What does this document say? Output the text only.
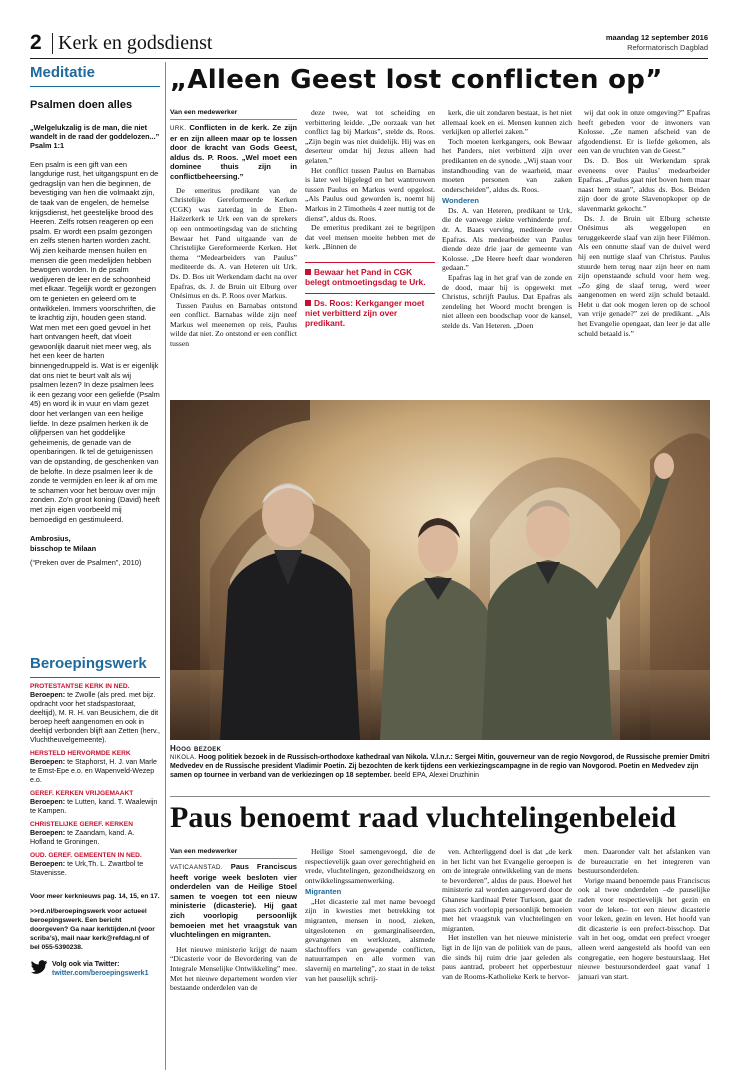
2 Kerk en godsdienst	maandag 12 september 2016
Reformatorisch Dagblad
Meditatie
Psalmen doen alles
„Welgelukzalig is de man, die niet wandelt in de raad der goddelozen...”
Psalm 1:1
Een psalm is een gift van een langdurige rust, het uitgangspunt en de gedragslijn van hen die beginnen, de bevestiging van hen die volmaakt zijn, de taak van de engelen, de hemelse krijgsdienst, het geestelijke brood des Heeren. Zelfs rotsen reageren op een psalm. Er wordt een psalm gezongen en zelfs stenen harten worden zacht. Wij zien keiharde mensen huilen en mensen die geen medelijden hebben bewogen worden. In de psalm wedijveren de leer en de schoonheid met elkaar. Tegelijk wordt er gezongen om te genieten en geleerd om te ontwikkelen. Immers voorschriften, die te krachtig zijn, houden geen stand. Wat men met een goed gevoel in het hart ontvangen heeft, dat vloeit gewoonlijk daaruit niet meer weg, als het een keer de harten binnengedruppeld is. Wat is er eigenlijk dat ons niet te beurt valt als wij psalmen lezen? In deze psalmen lees ik een gezang voor een geliefde (Psalm 45) en word ik in vuur en vlam gezet door het verlangen van een heilige liefde. In deze psalmen herken ik de olijfpersen van het goddelijke geheimenis, de genade van de openbaringen. Ik tel de getuigenissen van de opstanding, de geschenken van de belofte. In deze psalmen leer ik de zonde te vermijden en leer ik af om me te schamen voor het berouw over mijn zonden. Zo’n groot koning (David) heeft met zijn eigen voorbeeld mij bemoedigd en gestimuleerd.
Ambrosius,
bisschop te Milaan
(“Preken over de Psalmen”, 2010)
Beroepingswerk
PROTESTANTSE KERK IN NED.
Beroepen: te Zwolle (als pred. met bijz. opdracht voor het stadspastoraat, deeltijd), M. R. H. van Beusichem, die dit beroep heeft aangenomen en ook in deeltijd verbonden blijft aan Zetten (herv., Vluchtheuvelgemeente).
HERSTELD HERVORMDE KERK
Beroepen: te Staphorst, H. J. van Marle te Emst-Epe e.o. en Wapenveld-Wezep e.o.
GEREF. KERKEN VRIJGEMAAKT
Beroepen: te Lutten, kand. T. Waalewijn te Kampen.
CHRISTELIJKE GEREF. KERKEN
Beroepen: te Zaandam, kand. A. Hofland te Groningen.
OUD. GEREF. GEMEENTEN IN NED.
Beroepen: te Urk,Th. L. Zwartbol te Stavenisse.
Voor meer kerknieuws pag. 14, 15, en 17.
>>rd.nl/beroepingswerk voor actueel beroepingswerk. Een bericht doorgeven? Ga naar kerktijden.nl (voor scriba’s), mail naar kerk@refdag.nl of bel 055-5390238.
Volg ook via Twitter:
twitter.com/beroepingswerk1
„Alleen Geest lost conflicten op”
Van een medewerker

URK. Conflicten in de kerk. Ze zijn er en zijn alleen maar op te lossen door de kracht van Gods Geest, aldus ds. P. Roos. „Wel moet een dominee thuis zijn in conflictbeheersing.”

De emeritus predikant van de Christelijke Gereformeerde Kerken (CGK) was zaterdag in de Eben-Haëzerkerk te Urk een van de sprekers op een ontmoetingsdag van de stichting Bewaar het Pand uitgaande van de Christelijke Gereformeerde Kerken. Het thema “Medearbeiders van Paulus” mediteerde ds. A. van Heteren uit Urk. Ds. D. Bos uit Werkendam dacht na over Epafras, ds. J. de Bruin uit Elburg over Onésimus en ds. P. Roos over Markus.

Tussen Paulus en Barnabas ontstond een conflict. Barnabas wilde zijn neef Markus wel meenemen op reis, Paulus wilde dat niet. Zo ontstond er een conflict tussen

deze twee, wat tot scheiding en verbittering leidde. „De oorzaak van het conflict lag bij Markus”, stelde ds. Roos. „Zijn begin was niet duidelijk. Hij was en deserteur omdat hij Jezus alleen had gelaten.”

Het conflict tussen Paulus en Barnabas is later wel bijgelegd en het wantrouwen tussen Paulus en Markus werd opgelost. „Als Paulus oud geworden is, noemt hij Markus in 2 Timotheüs 4 zeer nuttig tot de dienst”, aldus ds. Roos.

De emeritus predikant zei te begrijpen dat veel mensen moeite hebben met de kerk. „Binnen de

Bewaar het Pand in CGK belegt ontmoetingsdag te Urk.
Ds. Roos: Kerkganger moet niet verbitterd zijn over predikant.

kerk, die uit zondaren bestaat, is het niet allemaal koek en ei. Mensen kunnen zich verkijken op allerlei zaken.”

Toch moeten kerkgangers, ook Bewaar het Panders, niet verbitterd zijn over predikanten en de synode. „Wij staan voor instandhouding van de waarheid, maar moeten personen van zaken onderscheiden”, aldus ds. Roos.

Wonderen

Ds. A. van Heteren, predikant te Urk, die de vanwege ziekte verhinderde prof. dr. A. Baars verving, mediteerde over Epafras. Als medearbeider van Paulus diende deze drie jaar de gemeente van Kolosse. „De Heere heeft daar wonderen gedaan.”

Epafras lag in het graf van de zonde en de dood, maar hij is opgewekt met Christus, schrijft Paulus. Dat Epafras als zendeling het Woord mocht brengen is niet alleen een boodschap voor de kansel, stelde ds. Van Heteren. „Doen

wij dat ook in onze omgeving?” Epafras heeft gebeden voor de inwoners van Kolosse. „Ze namen afscheid van de afgodendienst. Er is liefde gekomen, als een van de vruchten van de Geest.”

Ds. D. Bos uit Werkendam sprak eveneens over Paulus’ medearbeider Epafras. „Paulus gaat niet boven hem maar naast hem staan”, aldus ds. Bos. Beiden zijn door de grote Slavenopkoper op de slavenmarkt gekocht.”

Ds. J. de Bruin uit Elburg schetste Onésimus als weggelopen en teruggekeerde slaaf van zijn heer Filémon. Als een onnutte slaaf van de duivel werd hij een nuttige slaaf van Christus. Paulus stuurde hem terug naar zijn heer en nam zijn openstaande schuld voor hem weg. „Zo ging de slaaf terug, werd weer aangenomen en werd zijn schuld betaald. Hebt u dat ook mogen leren op de school van vrije genade?” zei de predikant. „Als het Evangelie opengaat, dan leer je dat alle schuld betaald is.”

Hoog bezoek

NIKOLA. Hoog politiek bezoek in de Russisch-orthodoxe kathedraal van Nikola. V.l.n.r.: Sergei Mitin, gouverneur van de regio Novgorod, de Russische premier Dmitri Medvedev en de Russische president Vladimir Poetin. Zij bezochten de kerk tijdens een verkiezingscampagne in de regio van Novgorod. Poetin en Medvedev zijn samen op tournee in verband van de verkiezingen op 18 september. beeld EPA, Alexei Druzhinin

Paus benoemt raad vluchtelingenbeleid
Van een medewerker

VATICAANSTAD. Paus Franciscus heeft vorige week besloten vier onderdelen van de Heilige Stoel samen te voegen tot een nieuw ministerie (dicasterie). Hij gaat zich voorlopig persoonlijk bemoeien met het vraagstuk van vluchtelingen en migranten.

Het nieuwe ministerie krijgt de naam “Dicasterie voor de Bevordering van de Integrale Menselijke Ontwikkeling” mee. Met het nieuwe departement worden vier bestaande onderdelen van de

Heilige Stoel samengevoegd, die de respectievelijk gaan over gerechtigheid en vrede, vluchtelingen, gezondheidszorg en ontwikkelingssamenwerking.

Migranten

„Het dicasterie zal met name bevoegd zijn in kwesties met betrekking tot migranten, mensen in nood, zieken, uitgeslotenen en gemarginaliseerden, gevangenen en werklozen, alsmede slachtoffers van gewapende conflicten, natuurrampen en alle vormen van slavernij en marteling”, zo staat in de tekst van het pauselijk schrij-

ven. Achterliggend doel is dat „de kerk in het licht van het Evangelie geroepen is om de integrale ontwikkeling van de mens te bevorderen”, aldus de paus. Hoewel het ministerie zal worden aangevoerd door de Ghanese kardinaal Peter Turkson, gaat de paus zich voorlopig persoonlijk bemoeien met het vraagstuk van vluchtelingen en migranten.

Het instellen van het nieuwe ministerie ligt in de lijn van de politiek van de paus, die sinds hij ruim drie jaar geleden als paus aantrad, probeert het opperbestuur van de Rooms-Katholieke Kerk te hervor-

men. Daaronder valt het afslanken van de bureaucratie en het integreren van bestuursonderdelen.

Vorige maand benoemde paus Franciscus ook al twee onderdelen –de pauselijke raden voor respectievelijk het gezin en voor de leken– tot een nieuw dicasterie voor leken, gezin en leven. Het hoofd van dit dicasterie is een prefect-bisschop. Dat valt in het oog, omdat een prefect vroeger alleen werd aangesteld als hoofd van een congregatie, een hogere bestuurslaag. Het nieuwe bestuursonderdeel gaat vanaf 1 januari van start.
